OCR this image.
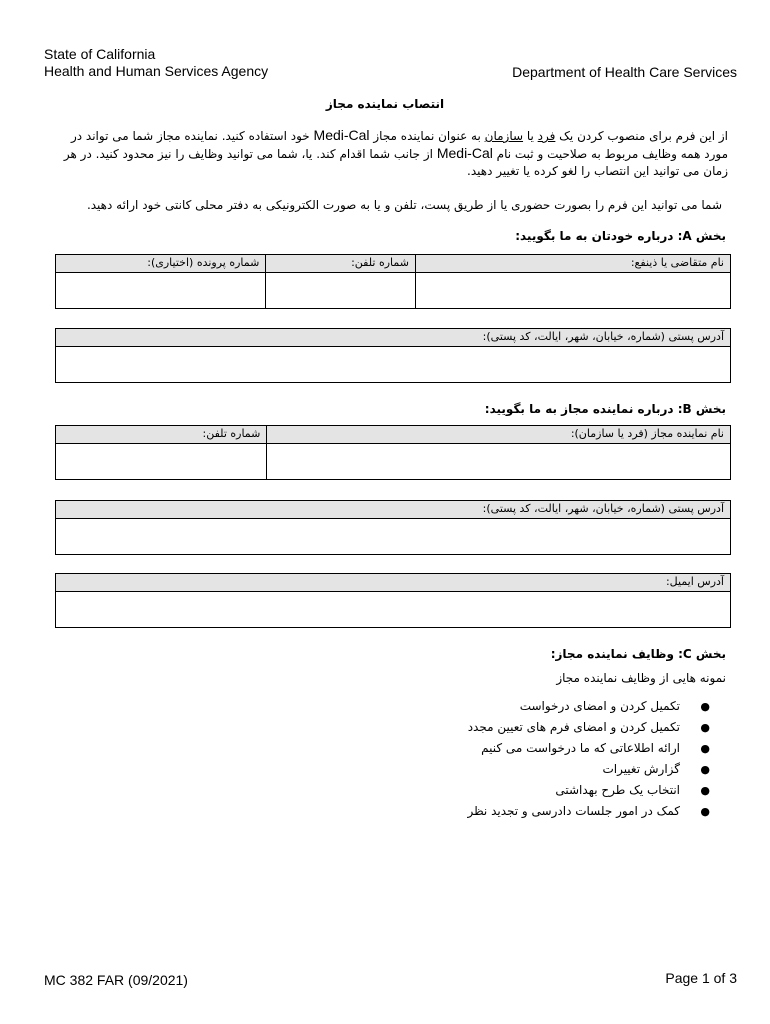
State of California
Health and Human Services Agency	Department of Health Care Services
انتصاب نماینده مجاز
از این فرم برای منصوب کردن یک فرد یا سازمان به عنوان نماینده مجاز Medi-Cal خود استفاده کنید. نماینده مجاز شما می تواند در مورد همه وظایف مربوط به صلاحیت و ثبت نام Medi-Cal از جانب شما اقدام کند. یا، شما می توانید وظایف را نیز محدود کنید. در هر زمان می توانید این انتصاب را لغو کرده یا تغییر دهید.
شما می توانید این فرم را بصورت حضوری یا از طریق پست، تلفن و یا به صورت الکترونیکی به دفتر محلی کانتی خود ارائه دهید.
بخش A: درباره خودتان به ما بگویید:
نام متقاضی یا ذینفع:
شماره تلفن:
شماره پرونده (اختیاری):
آدرس پستی (شماره، خیابان، شهر، ایالت، کد پستی):
بخش B: درباره نماینده مجاز به ما بگویید:
نام نماینده مجاز (فرد یا سازمان):
شماره تلفن:
آدرس پستی (شماره، خیابان، شهر، ایالت، کد پستی):
آدرس ایمیل:
بخش C: وظایف نماینده مجاز:
نمونه هایی از وظایف نماینده مجاز
●
تکمیل کردن و امضای درخواست
●
تکمیل کردن و امضای فرم های تعیین مجدد
●
ارائه اطلاعاتی که ما درخواست می کنیم
●
گزارش تغییرات
●
انتخاب یک طرح بهداشتی
●
کمک در امور جلسات دادرسی و تجدید نظر
MC 382 FAR (09/2021)	Page 1 of 3
